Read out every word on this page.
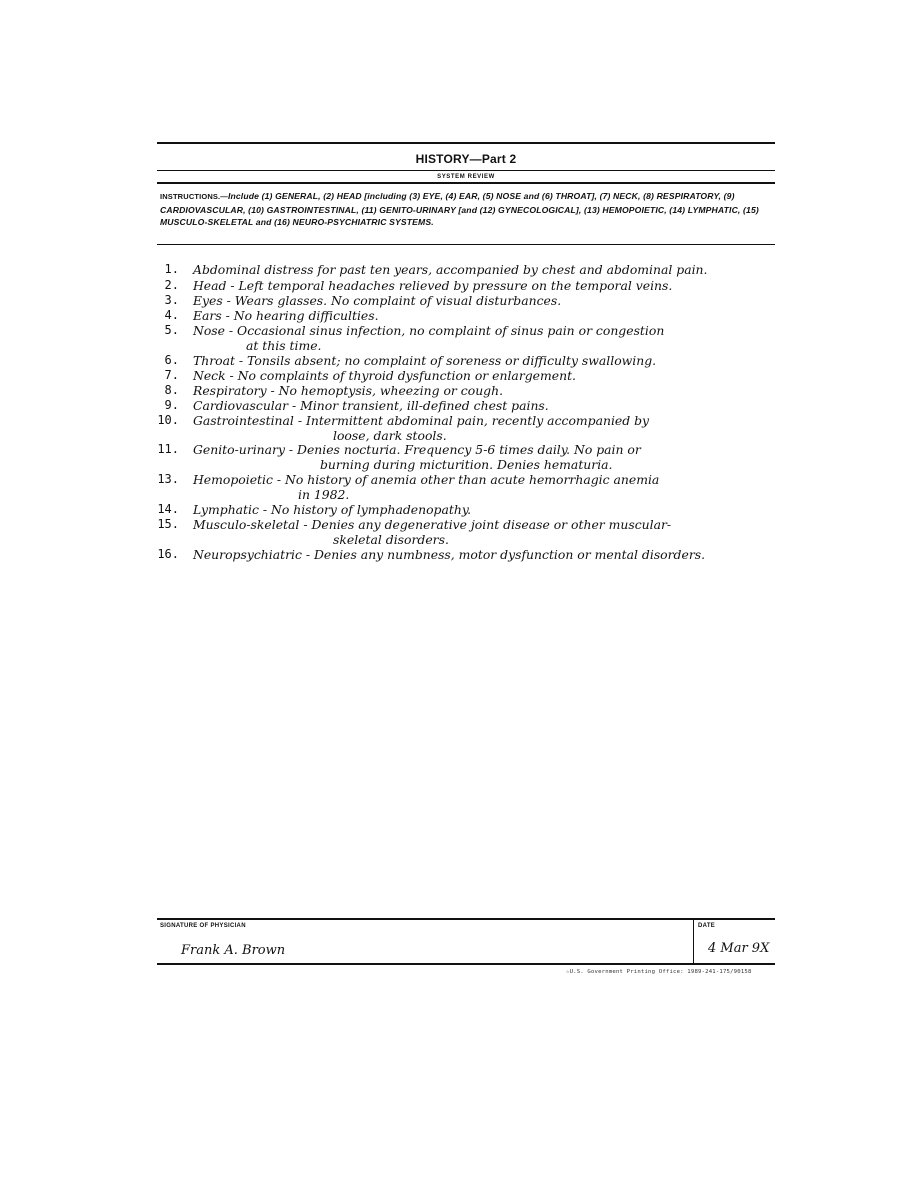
HISTORY—Part 2
SYSTEM REVIEW
INSTRUCTIONS.—Include (1) GENERAL, (2) HEAD [including (3) EYE, (4) EAR, (5) NOSE and (6) THROAT], (7) NECK, (8) RESPIRATORY, (9) CARDIOVASCULAR, (10) GASTROINTESTINAL, (11) GENITO-URINARY [and (12) GYNECOLOGICAL], (13) HEMOPOIETIC, (14) LYMPHATIC, (15) MUSCULO-SKELETAL and (16) NEURO-PSYCHIATRIC SYSTEMS.
1. Abdominal distress for past ten years, accompanied by chest and abdominal pain.
2. Head - Left temporal headaches relieved by pressure on the temporal veins.
3. Eyes - Wears glasses. No complaint of visual disturbances.
4. Ears - No hearing difficulties.
5. Nose - Occasional sinus infection, no complaint of sinus pain or congestion
at this time.
6. Throat - Tonsils absent; no complaint of soreness or difficulty swallowing.
7. Neck - No complaints of thyroid dysfunction or enlargement.
8. Respiratory - No hemoptysis, wheezing or cough.
9. Cardiovascular - Minor transient, ill-defined chest pains.
10. Gastrointestinal - Intermittent abdominal pain, recently accompanied by
loose, dark stools.
11. Genito-urinary - Denies nocturia. Frequency 5-6 times daily. No pain or
burning during micturition. Denies hematuria.
13. Hemopoietic - No history of anemia other than acute hemorrhagic anemia
in 1982.
14. Lymphatic - No history of lymphadenopathy.
15. Musculo-skeletal - Denies any degenerative joint disease or other muscular-
skeletal disorders.
16. Neuropsychiatric - Denies any numbness, motor dysfunction or mental disorders.
SIGNATURE OF PHYSICIAN	DATE
Frank A. Brown	4 Mar 9X
☆U.S. Government Printing Office: 1989-241-175/90158
